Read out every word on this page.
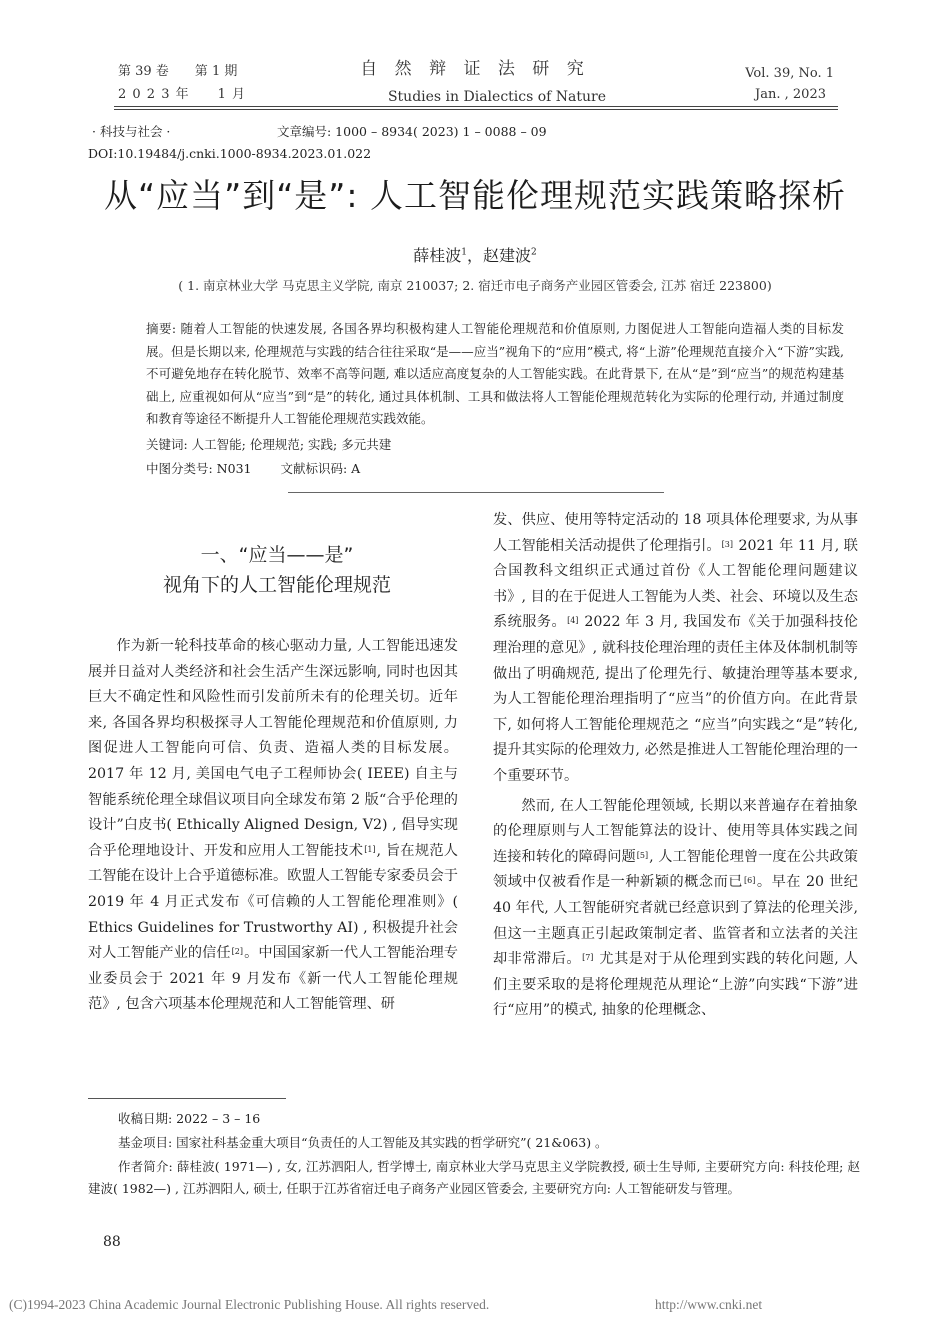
第 39 卷　　第 1 期
2 0 2 3 年　　1 月
自 然 辩 证 法 研 究
Studies in Dialectics of Nature
Vol. 39, No. 1
Jan. , 2023
· 科技与社会 ·	文章编号: 1000 – 8934( 2023) 1 – 0088 – 09
DOI:10.19484/j.cnki.1000-8934.2023.01.022
从“应当”到“是”: 人工智能伦理规范实践策略探析
薛桂波$^1$，赵建波$^2$
( 1. 南京林业大学 马克思主义学院, 南京 210037; 2. 宿迁市电子商务产业园区管委会, 江苏 宿迁 223800)
摘要: 随着人工智能的快速发展, 各国各界均积极构建人工智能伦理规范和价值原则, 力图促进人工智能向造福人类的目标发展。但是长期以来, 伦理规范与实践的结合往往采取“是——应当”视角下的“应用”模式, 将“上游”伦理规范直接介入“下游”实践, 不可避免地存在转化脱节、效率不高等问题, 难以适应高度复杂的人工智能实践。在此背景下, 在从“是”到“应当”的规范构建基础上, 应重视如何从“应当”到“是”的转化, 通过具体机制、工具和做法将人工智能伦理规范转化为实际的伦理行动, 并通过制度和教育等途径不断提升人工智能伦理规范实践效能。
关键词: 人工智能; 伦理规范; 实践; 多元共建
中图分类号: N031　　 文献标识码: A
一、“应当——是”
视角下的人工智能伦理规范

作为新一轮科技革命的核心驱动力量, 人工智能迅速发展并日益对人类经济和社会生活产生深远影响, 同时也因其巨大不确定性和风险性而引发前所未有的伦理关切。近年来, 各国各界均积极探寻人工智能伦理规范和价值原则, 力图促进人工智能向可信、负责、造福人类的目标发展。2017 年 12 月, 美国电气电子工程师协会( IEEE) 自主与智能系统伦理全球倡议项目向全球发布第 2 版“合乎伦理的设计”白皮书( Ethically Aligned Design, V2) , 倡导实现合乎伦理地设计、开发和应用人工智能技术[1], 旨在规范人工智能在设计上合乎道德标准。欧盟人工智能专家委员会于 2019 年 4 月正式发布《可信赖的人工智能伦理准则》( Ethics Guidelines for Trustworthy AI) , 积极提升社会对人工智能产业的信任[2]。中国国家新一代人工智能治理专业委员会于 2021 年 9 月发布《新一代人工智能伦理规范》, 包含六项基本伦理规范和人工智能管理、研

发、供应、使用等特定活动的 18 项具体伦理要求, 为从事人工智能相关活动提供了伦理指引。[3] 2021 年 11 月, 联合国教科文组织正式通过首份《人工智能伦理问题建议书》, 目的在于促进人工智能为人类、社会、环境以及生态系统服务。[4] 2022 年 3 月, 我国发布《关于加强科技伦理治理的意见》, 就科技伦理治理的责任主体及体制机制等做出了明确规范, 提出了伦理先行、敏捷治理等基本要求, 为人工智能伦理治理指明了“应当”的价值方向。在此背景下, 如何将人工智能伦理规范之 “应当”向实践之“是”转化, 提升其实际的伦理效力, 必然是推进人工智能伦理治理的一个重要环节。

然而, 在人工智能伦理领域, 长期以来普遍存在着抽象的伦理原则与人工智能算法的设计、使用等具体实践之间连接和转化的障碍问题[5], 人工智能伦理曾一度在公共政策领域中仅被看作是一种新颖的概念而已[6]。早在 20 世纪 40 年代, 人工智能研究者就已经意识到了算法的伦理关涉, 但这一主题真正引起政策制定者、监管者和立法者的关注却非常滞后。[7] 尤其是对于从伦理到实践的转化问题, 人们主要采取的是将伦理规范从理论“上游”向实践“下游”进行“应用”的模式, 抽象的伦理概念、

收稿日期: 2022 – 3 – 16
基金项目: 国家社科基金重大项目“负责任的人工智能及其实践的哲学研究”( 21&063) 。
作者简介: 薛桂波( 1971—) , 女, 江苏泗阳人, 哲学博士, 南京林业大学马克思主义学院教授, 硕士生导师, 主要研究方向: 科技伦理; 赵建波( 1982—) , 江苏泗阳人, 硕士, 任职于江苏省宿迁电子商务产业园区管委会, 主要研究方向: 人工智能研发与管理。
88
(C)1994-2023 China Academic Journal Electronic Publishing House. All rights reserved.	http://www.cnki.net
